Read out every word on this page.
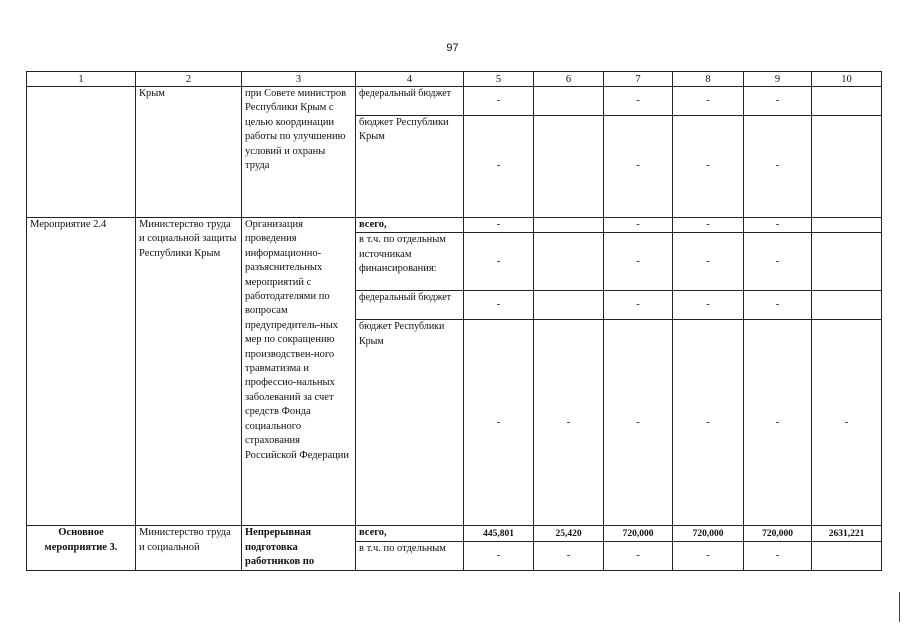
97
1	2	3	4	5	6	7	8	9	10
	Крым	при Совете министров Республики Крым с целью координации работы по улучшению условий и охраны труда	федеральный бюджет	-		-	-	-	
			бюджет Республики Крым	-		-	-	-	
Мероприятие 2.4	Министерство труда и социальной защиты Республики Крым	Организация проведения информационно-разъяснительных мероприятий с работодателями по вопросам предупредитель-ных мер по сокращению производствен-ного травматизма и профессио-нальных заболеваний за счет средств Фонда социального страхования Российской Федерации	всего,	-		-	-	-	
			в т.ч. по отдельным источникам финансирования:	-		-	-	-	
			федеральный бюджет	-		-	-	-	
			бюджет Республики Крым	-	-	-	-	-	-
Основное мероприятие 3.	Министерство труда и социальной	Непрерывная подготовка работников по	всего,	445,801	25,420	720,000	720,000	720,000	2631,221
			в т.ч. по отдельным	-	-	-	-	-	
